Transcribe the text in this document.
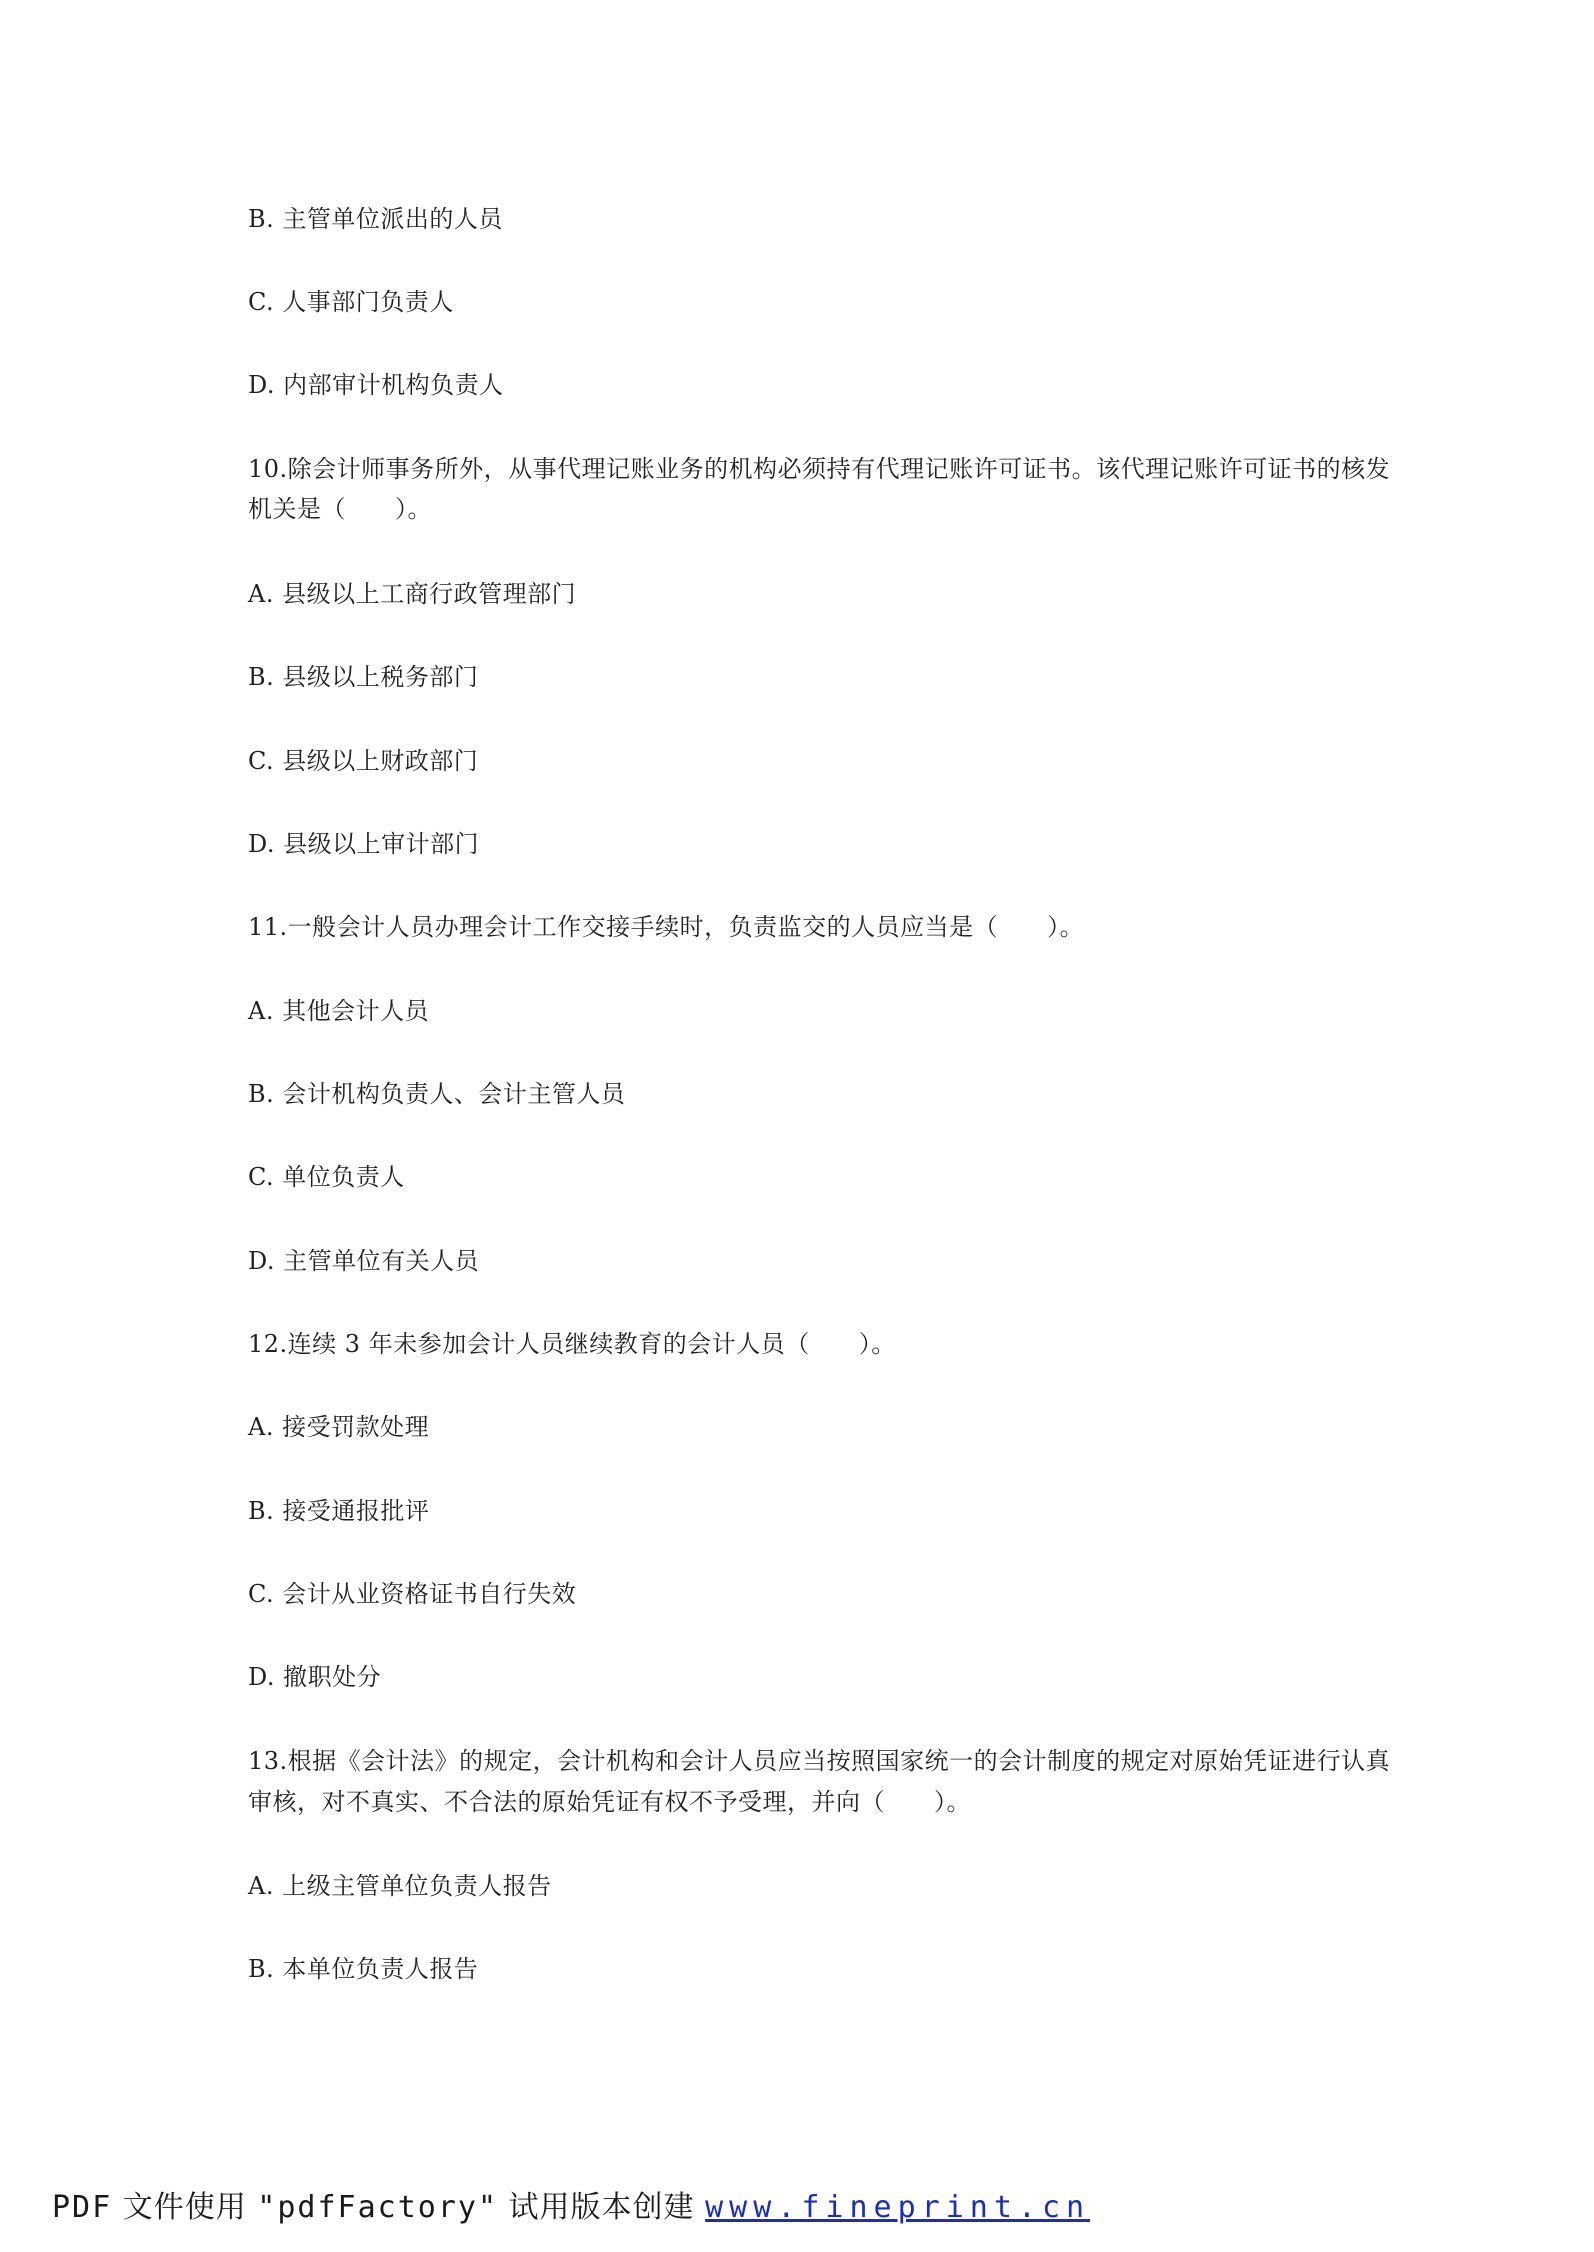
B. 主管单位派出的人员
C. 人事部门负责人
D. 内部审计机构负责人
10.除会计师事务所外，从事代理记账业务的机构必须持有代理记账许可证书。该代理记账许可证书的核发
机关是（　　）。
A. 县级以上工商行政管理部门
B. 县级以上税务部门
C. 县级以上财政部门
D. 县级以上审计部门
11.一般会计人员办理会计工作交接手续时，负责监交的人员应当是（　　）。
A. 其他会计人员
B. 会计机构负责人、会计主管人员
C. 单位负责人
D. 主管单位有关人员
12.连续 3 年未参加会计人员继续教育的会计人员（　　）。
A. 接受罚款处理
B. 接受通报批评
C. 会计从业资格证书自行失效
D. 撤职处分
13.根据《会计法》的规定，会计机构和会计人员应当按照国家统一的会计制度的规定对原始凭证进行认真
审核，对不真实、不合法的原始凭证有权不予受理，并向（　　）。
A. 上级主管单位负责人报告
B. 本单位负责人报告
PDF 文件使用 "pdfFactory" 试用版本创建 www.fineprint.cn
